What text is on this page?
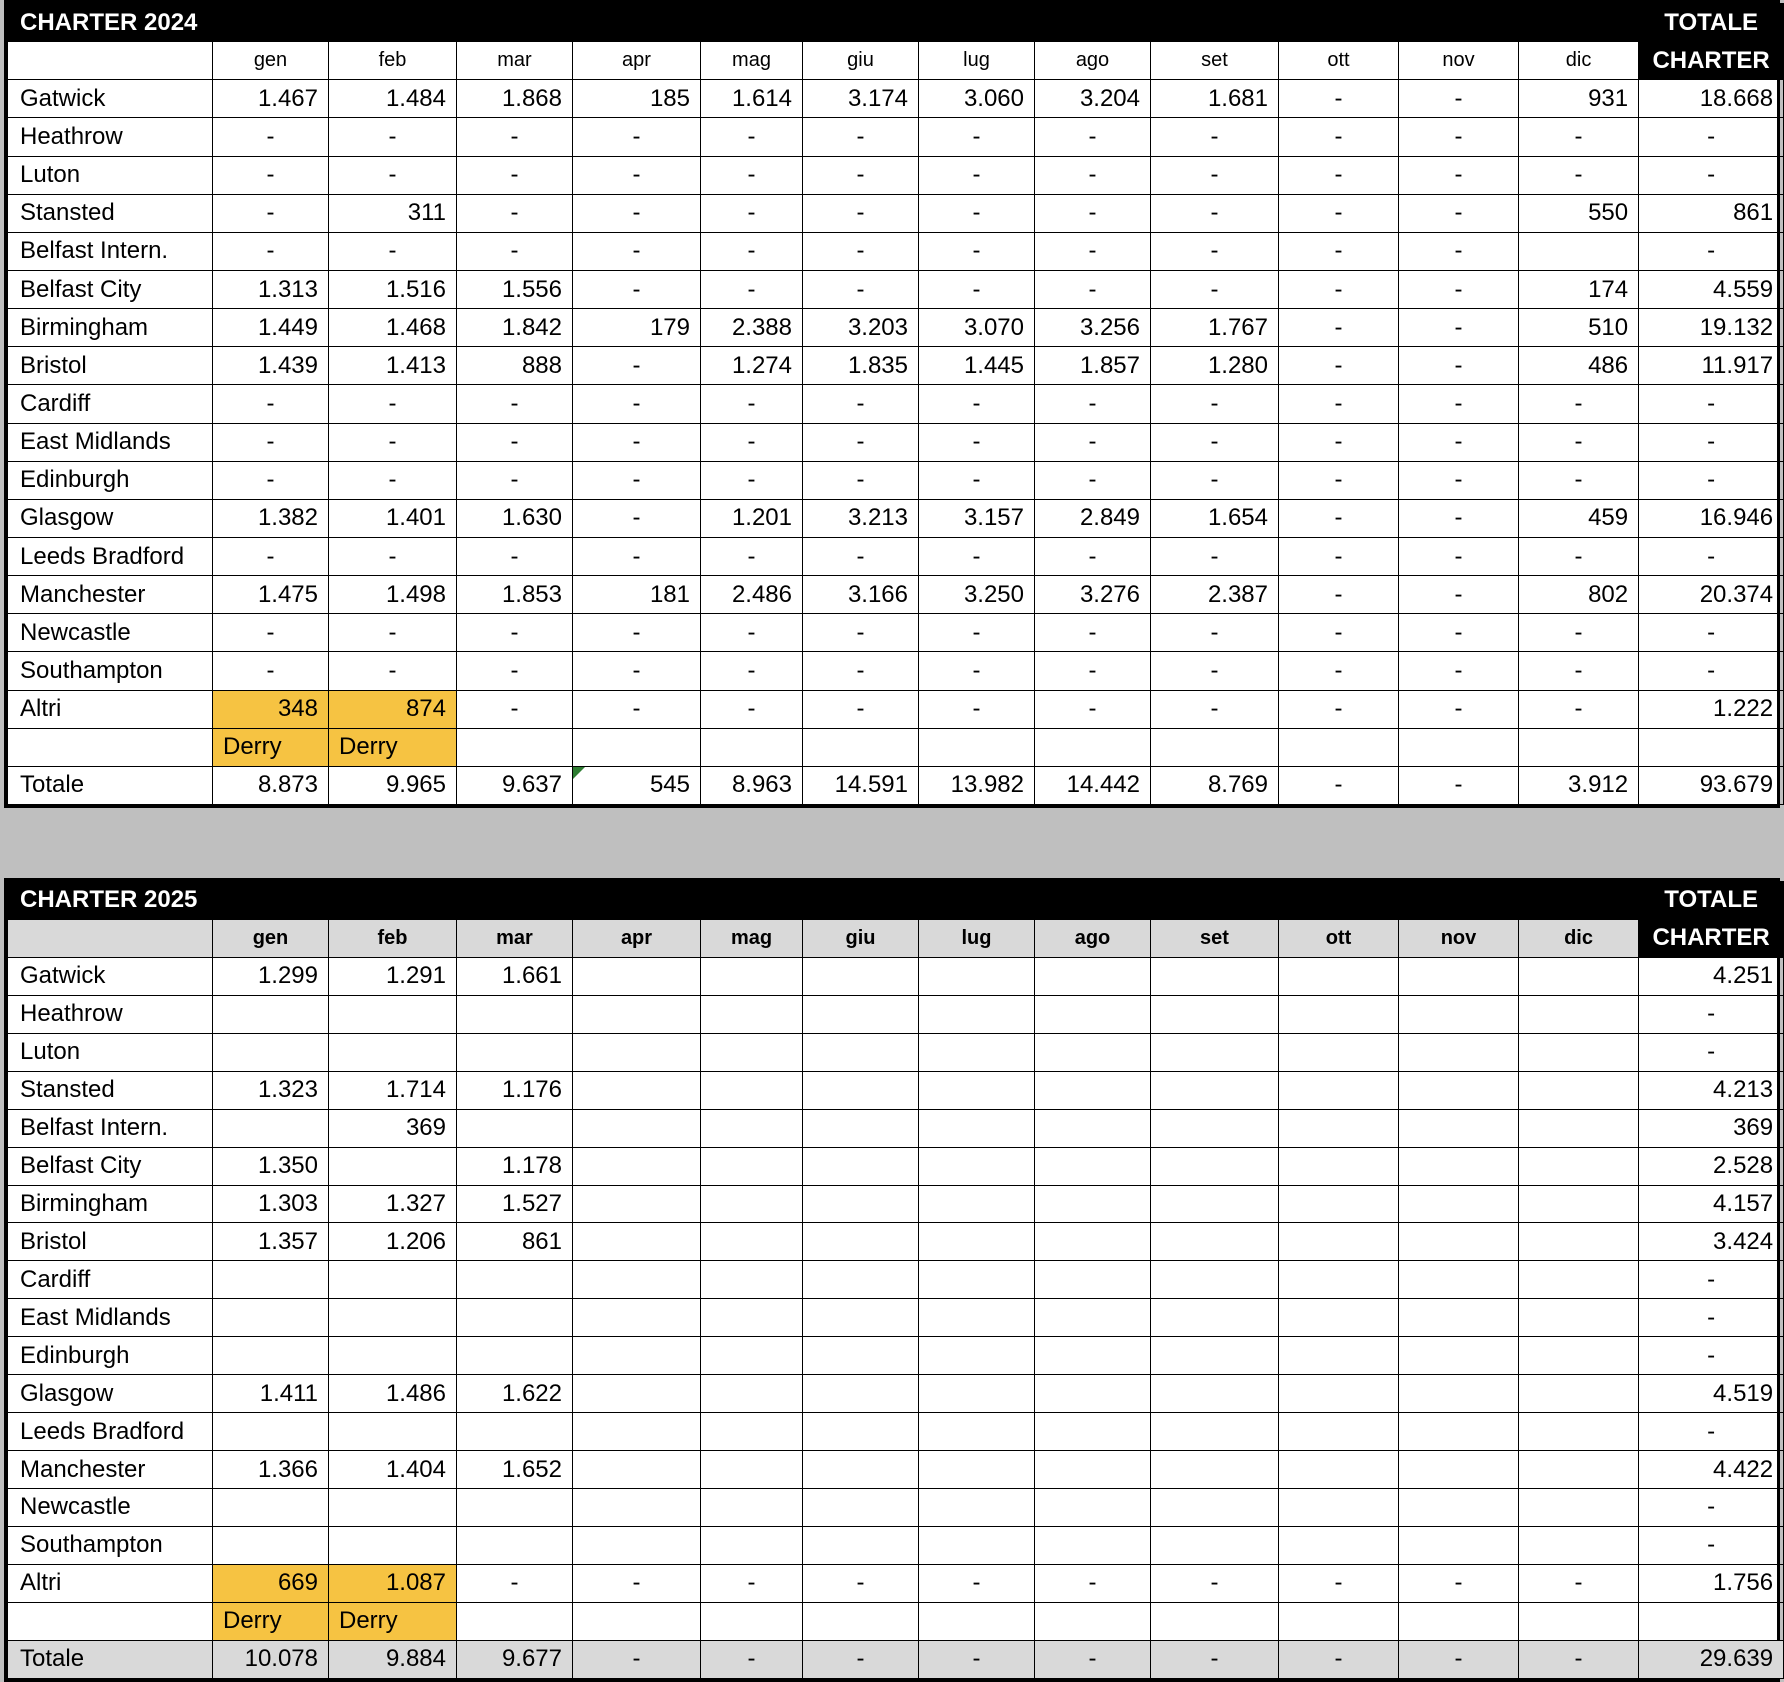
CHARTER 2024													TOTALE
	gen	feb	mar	apr	mag	giu	lug	ago	set	ott	nov	dic	CHARTER
Gatwick	1.467	1.484	1.868	185	1.614	3.174	3.060	3.204	1.681	-	-	931	18.668
Heathrow	-	-	-	-	-	-	-	-	-	-	-	-	-
Luton	-	-	-	-	-	-	-	-	-	-	-	-	-
Stansted	-	311	-	-	-	-	-	-	-	-	-	550	861
Belfast Intern.	-	-	-	-	-	-	-	-	-	-	-		-
Belfast City	1.313	1.516	1.556	-	-	-	-	-	-	-	-	174	4.559
Birmingham	1.449	1.468	1.842	179	2.388	3.203	3.070	3.256	1.767	-	-	510	19.132
Bristol	1.439	1.413	888	-	1.274	1.835	1.445	1.857	1.280	-	-	486	11.917
Cardiff	-	-	-	-	-	-	-	-	-	-	-	-	-
East Midlands	-	-	-	-	-	-	-	-	-	-	-	-	-
Edinburgh	-	-	-	-	-	-	-	-	-	-	-	-	-
Glasgow	1.382	1.401	1.630	-	1.201	3.213	3.157	2.849	1.654	-	-	459	16.946
Leeds Bradford	-	-	-	-	-	-	-	-	-	-	-	-	-
Manchester	1.475	1.498	1.853	181	2.486	3.166	3.250	3.276	2.387	-	-	802	20.374
Newcastle	-	-	-	-	-	-	-	-	-	-	-	-	-
Southampton	-	-	-	-	-	-	-	-	-	-	-	-	-
Altri	348	874	-	-	-	-	-	-	-	-	-	-	1.222
	Derry	Derry											
Totale	8.873	9.965	9.637	545	8.963	14.591	13.982	14.442	8.769	-	-	3.912	93.679
CHARTER 2025													TOTALE
	gen	feb	mar	apr	mag	giu	lug	ago	set	ott	nov	dic	CHARTER
Gatwick	1.299	1.291	1.661										4.251
Heathrow													-
Luton													-
Stansted	1.323	1.714	1.176										4.213
Belfast Intern.		369											369
Belfast City	1.350		1.178										2.528
Birmingham	1.303	1.327	1.527										4.157
Bristol	1.357	1.206	861										3.424
Cardiff													-
East Midlands													-
Edinburgh													-
Glasgow	1.411	1.486	1.622										4.519
Leeds Bradford													-
Manchester	1.366	1.404	1.652										4.422
Newcastle													-
Southampton													-
Altri	669	1.087	-	-	-	-	-	-	-	-	-	-	1.756
	Derry	Derry											
Totale	10.078	9.884	9.677	-	-	-	-	-	-	-	-	-	29.639
